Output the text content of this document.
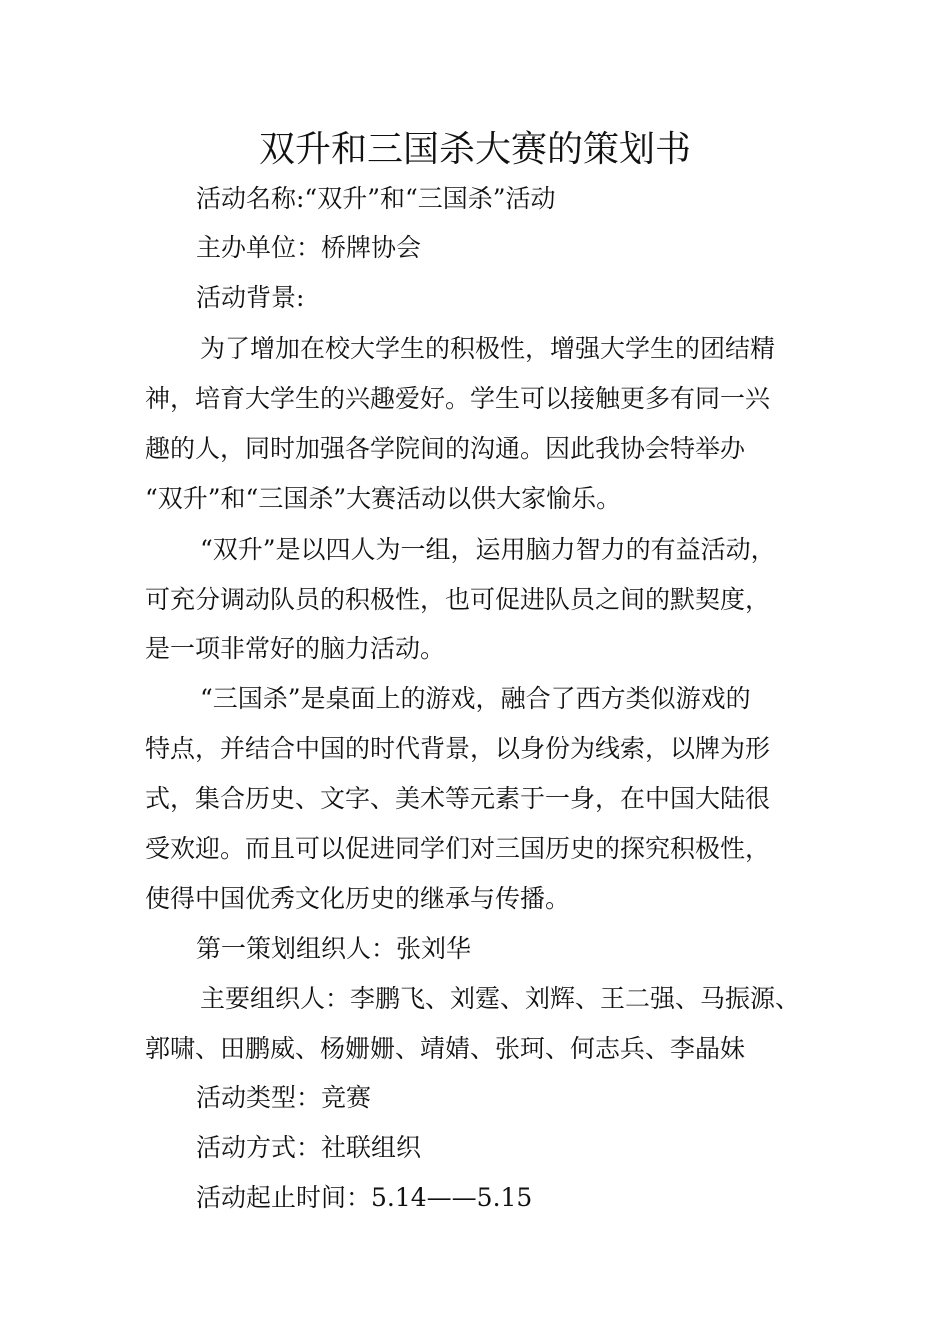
双升和三国杀大赛的策划书
活动名称:“双升”和“三国杀”活动
主办单位：桥牌协会
活动背景:
为了增加在校大学生的积极性，增强大学生的团结精
神，培育大学生的兴趣爱好。学生可以接触更多有同一兴
趣的人，同时加强各学院间的沟通。因此我协会特举办
“双升”和“三国杀”大赛活动以供大家愉乐。
“双升”是以四人为一组，运用脑力智力的有益活动，
可充分调动队员的积极性，也可促进队员之间的默契度，
是一项非常好的脑力活动。
“三国杀”是桌面上的游戏，融合了西方类似游戏的
特点，并结合中国的时代背景，以身份为线索，以牌为形
式，集合历史、文字、美术等元素于一身，在中国大陆很
受欢迎。而且可以促进同学们对三国历史的探究积极性，
使得中国优秀文化历史的继承与传播。
第一策划组织人：张刘华
主要组织人：李鹏飞、刘霆、刘辉、王二强、马振源、
郭啸、田鹏威、杨姗姗、靖婧、张珂、何志兵、李晶妹
活动类型：竞赛
活动方式：社联组织
活动起止时间：5.14——5.15
